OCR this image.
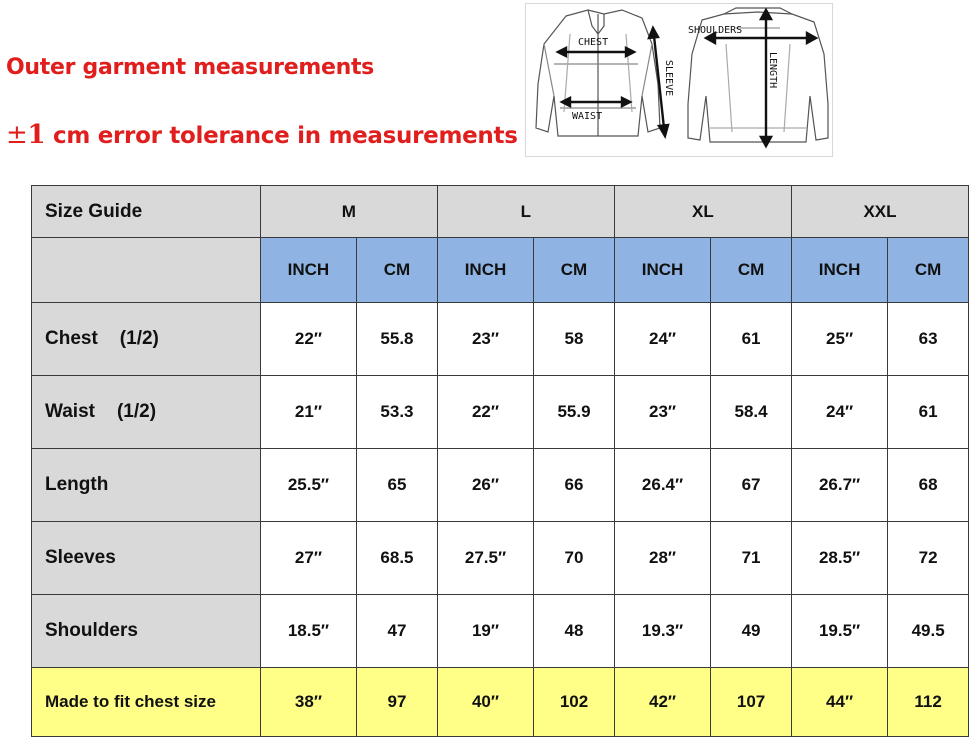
Outer garment measurements
±1 cm error tolerance in measurements
CHEST
WAIST
SLEEVE
SHOULDERS
LENGTH
Size Guide	M		L		XL		XXL	
	INCH	CM	INCH	CM	INCH	CM	INCH	CM
Chest (1/2)	22″	55.8	23″	58	24″	61	25″	63
Waist (1/2)	21″	53.3	22″	55.9	23″	58.4	24″	61
Length	25.5″	65	26″	66	26.4″	67	26.7″	68
Sleeves	27″	68.5	27.5″	70	28″	71	28.5″	72
Shoulders	18.5″	47	19″	48	19.3″	49	19.5″	49.5
Made to fit chest size	38″	97	40″	102	42″	107	44″	112
